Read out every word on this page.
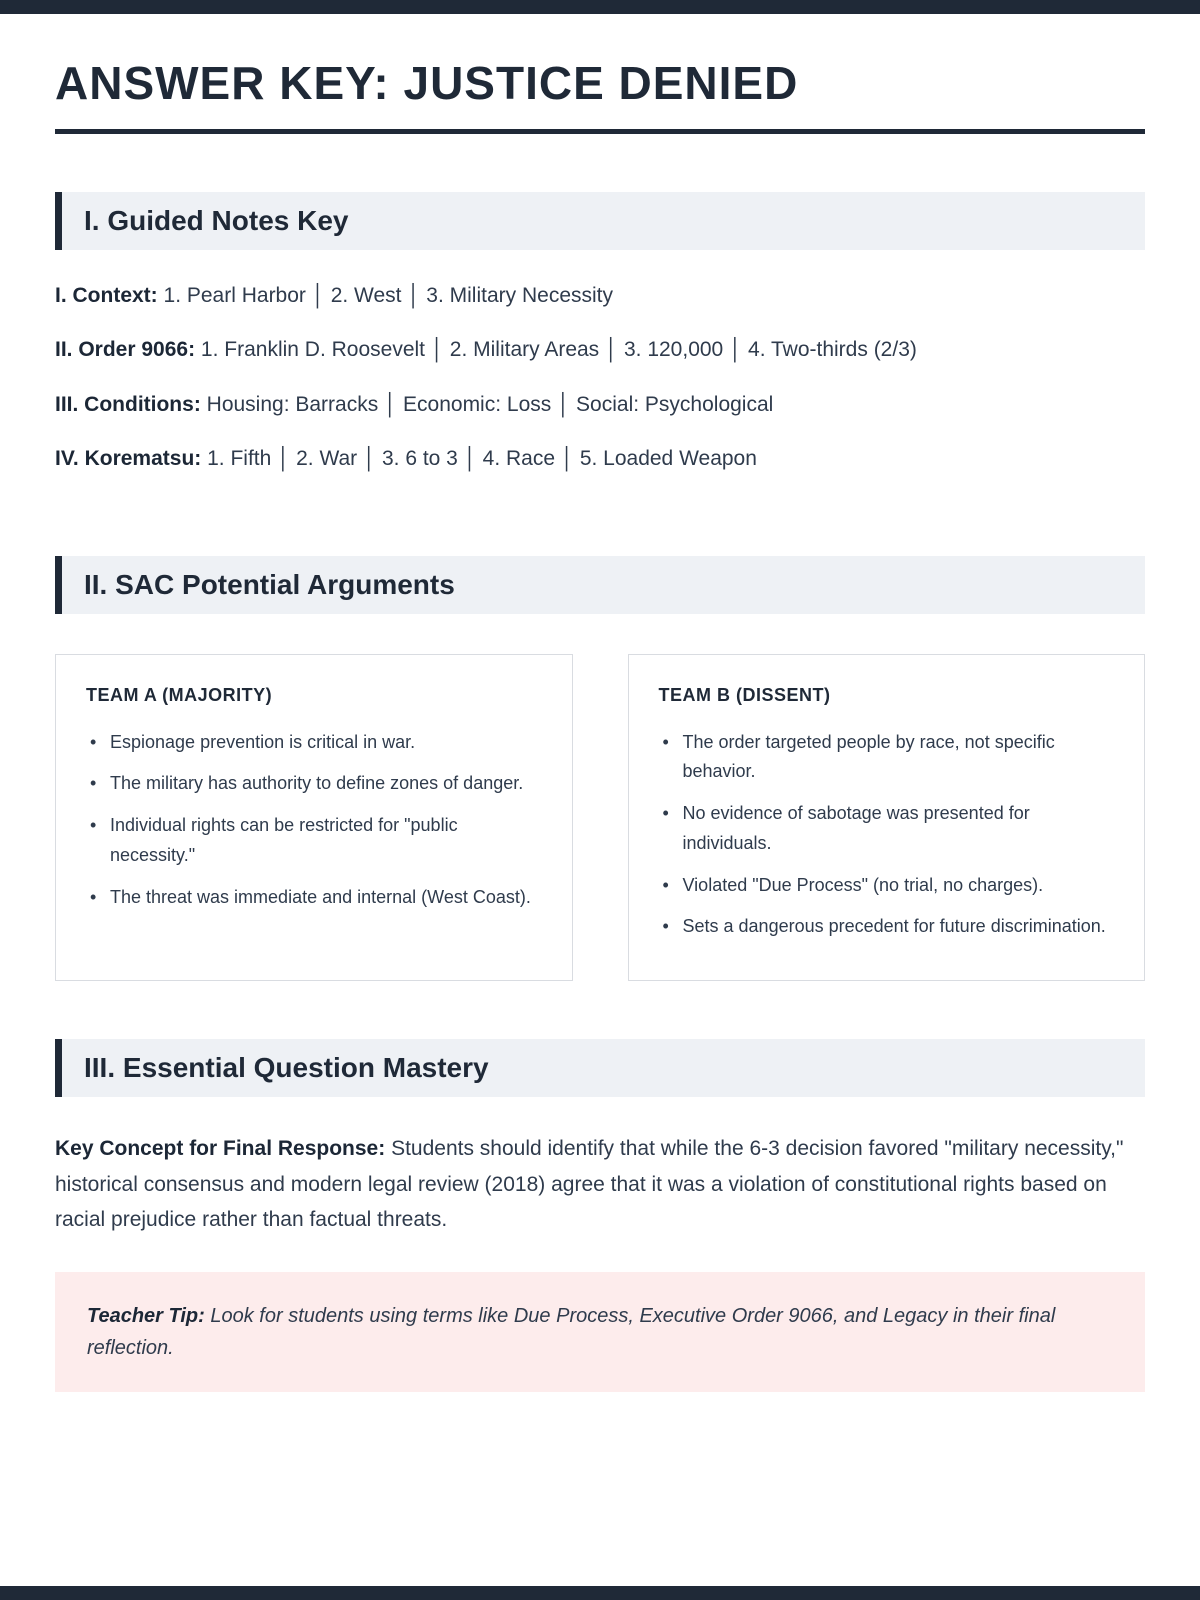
ANSWER KEY: JUSTICE DENIED
I. Guided Notes Key

I. Context: 1. Pearl Harbor │ 2. West │ 3. Military Necessity

II. Order 9066: 1. Franklin D. Roosevelt │ 2. Military Areas │ 3. 120,000 │ 4. Two-thirds (2/3)

III. Conditions: Housing: Barracks │ Economic: Loss │ Social: Psychological

IV. Korematsu: 1. Fifth │ 2. War │ 3. 6 to 3 │ 4. Race │ 5. Loaded Weapon

II. SAC Potential Arguments
TEAM A (MAJORITY)
• Espionage prevention is critical in war.
• The military has authority to define zones of danger.
• Individual rights can be restricted for "public necessity."
• The threat was immediate and internal (West Coast).
TEAM B (DISSENT)
• The order targeted people by race, not specific behavior.
• No evidence of sabotage was presented for individuals.
• Violated "Due Process" (no trial, no charges).
• Sets a dangerous precedent for future discrimination.
III. Essential Question Mastery

Key Concept for Final Response: Students should identify that while the 6-3 decision favored "military necessity," historical consensus and modern legal review (2018) agree that it was a violation of constitutional rights based on racial prejudice rather than factual threats.

Teacher Tip: Look for students using terms like Due Process, Executive Order 9066, and Legacy in their final reflection.
